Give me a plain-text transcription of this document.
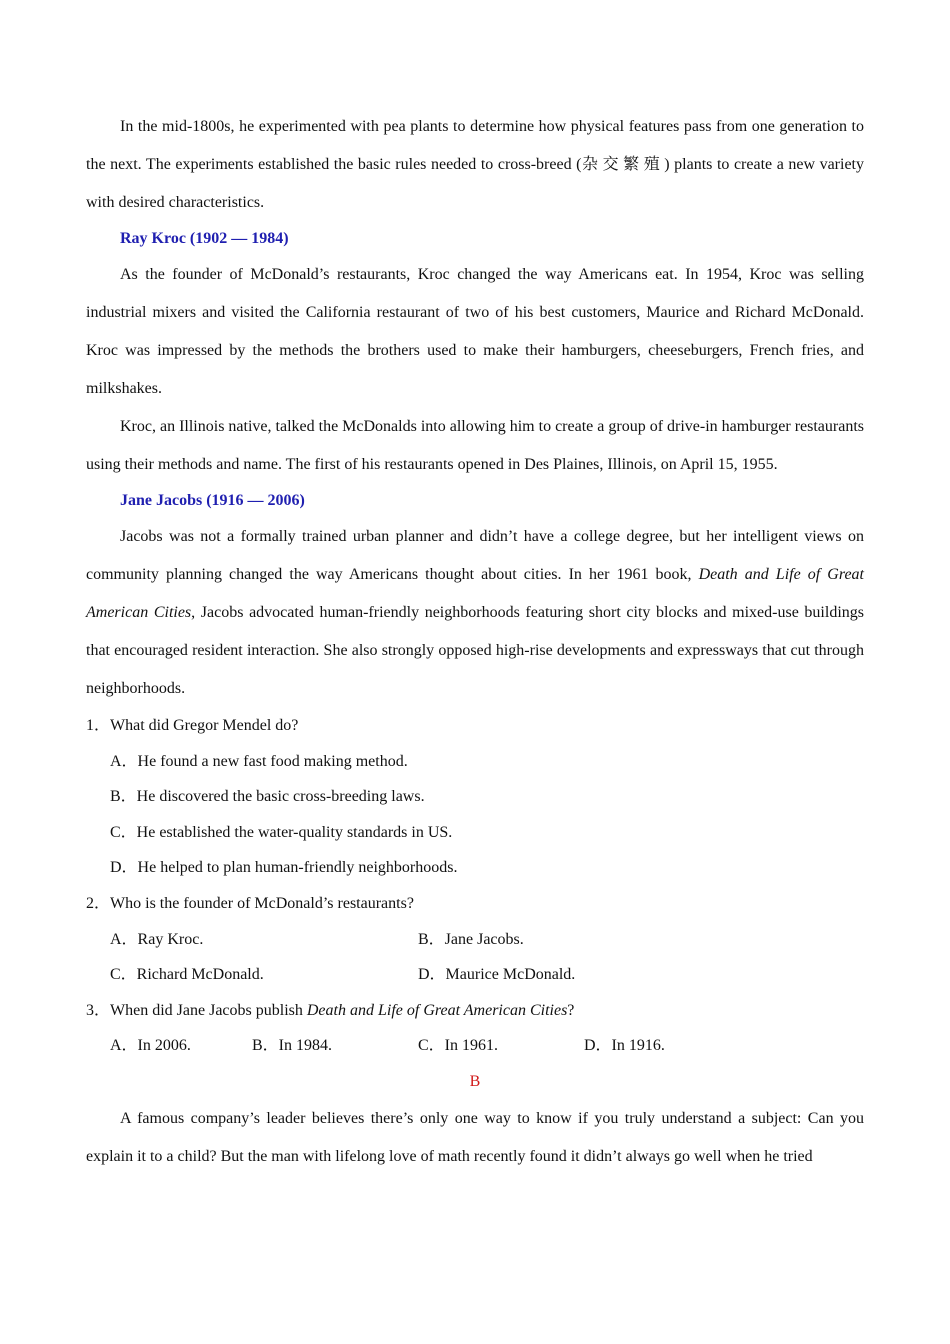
In the mid-1800s, he experimented with pea plants to determine how physical features pass from one generation to the next. The experiments established the basic rules needed to cross-breed (杂交繁殖) plants to create a new variety with desired characteristics.

Ray Kroc (1902 — 1984)

As the founder of McDonald’s restaurants, Kroc changed the way Americans eat. In 1954, Kroc was selling industrial mixers and visited the California restaurant of two of his best customers, Maurice and Richard McDonald. Kroc was impressed by the methods the brothers used to make their hamburgers, cheeseburgers, French fries, and milkshakes.

Kroc, an Illinois native, talked the McDonalds into allowing him to create a group of drive-in hamburger restaurants using their methods and name. The first of his restaurants opened in Des Plaines, Illinois, on April 15, 1955.

Jane Jacobs (1916 — 2006)

Jacobs was not a formally trained urban planner and didn’t have a college degree, but her intelligent views on community planning changed the way Americans thought about cities. In her 1961 book, Death and Life of Great American Cities, Jacobs advocated human-friendly neighborhoods featuring short city blocks and mixed-use buildings that encouraged resident interaction. She also strongly opposed high-rise developments and expressways that cut through neighborhoods.

1．What did Gregor Mendel do?

A．He found a new fast food making method.

B．He discovered the basic cross-breeding laws.

C．He established the water-quality standards in US.

D．He helped to plan human-friendly neighborhoods.

2．Who is the founder of McDonald’s restaurants?

A．Ray Kroc.	B．Jane Jacobs.
C．Richard McDonald.	D．Maurice McDonald.

3．When did Jane Jacobs publish Death and Life of Great American Cities?

A．In 2006.	B．In 1984.	C．In 1961.	D．In 1916.

B

A famous company’s leader believes there’s only one way to know if you truly understand a subject: Can you explain it to a child? But the man with lifelong love of math recently found it didn’t always go well when he tried
